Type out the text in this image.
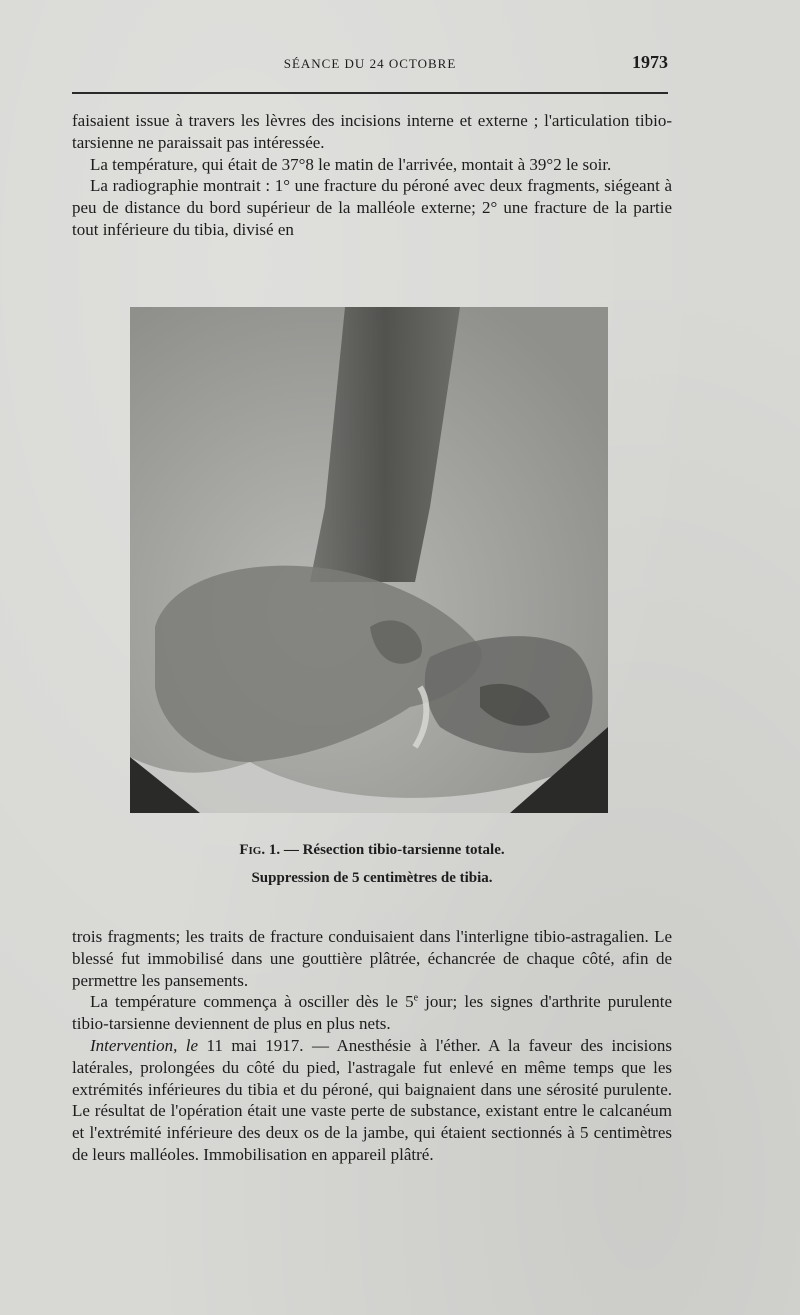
SÉANCE DU 24 OCTOBRE	1973

faisaient issue à travers les lèvres des incisions interne et externe ; l'articulation tibio-tarsienne ne paraissait pas intéressée.

La température, qui était de 37°8 le matin de l'arrivée, montait à 39°2 le soir.

La radiographie montrait : 1° une fracture du péroné avec deux fragments, siégeant à peu de distance du bord supérieur de la malléole externe; 2° une fracture de la partie tout inférieure du tibia, divisé en

Fig. 1. — Résection tibio-tarsienne totale.
Suppression de 5 centimètres de tibia.

trois fragments; les traits de fracture conduisaient dans l'interligne tibio-astragalien. Le blessé fut immobilisé dans une gouttière plâtrée, échancrée de chaque côté, afin de permettre les pansements.

La température commença à osciller dès le 5e jour; les signes d'arthrite purulente tibio-tarsienne deviennent de plus en plus nets.

Intervention, le 11 mai 1917. — Anesthésie à l'éther. A la faveur des incisions latérales, prolongées du côté du pied, l'astragale fut enlevé en même temps que les extrémités inférieures du tibia et du péroné, qui baignaient dans une sérosité purulente. Le résultat de l'opération était une vaste perte de substance, existant entre le calcanéum et l'extrémité inférieure des deux os de la jambe, qui étaient sectionnés à 5 centimètres de leurs malléoles. Immobilisation en appareil plâtré.
